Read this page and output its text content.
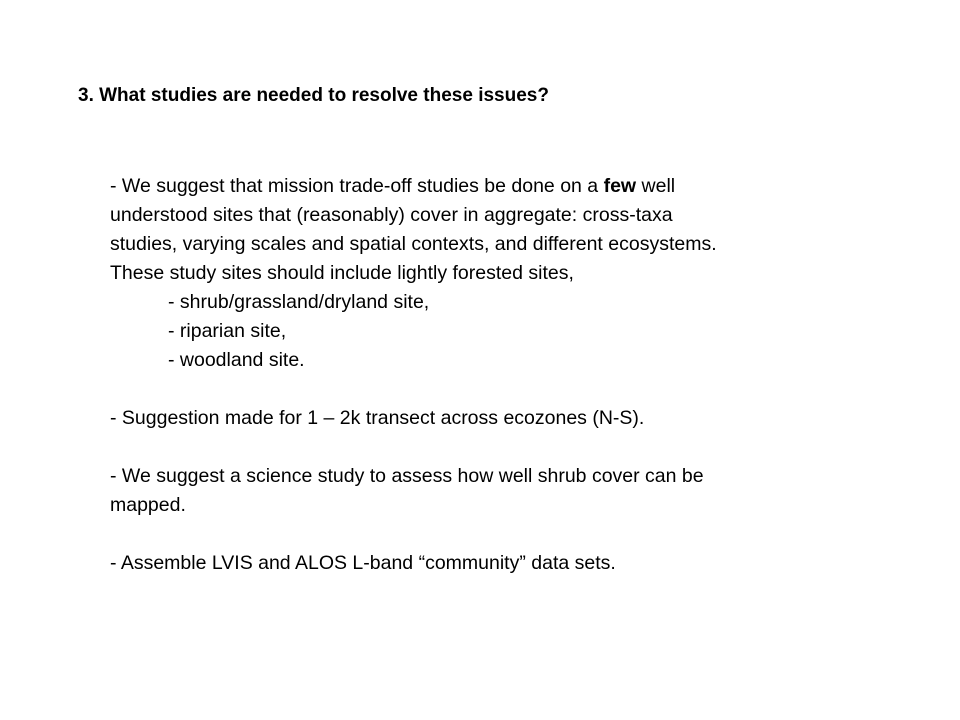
3. What studies are needed to resolve these issues?

- We suggest that mission trade-off studies be done on a few well

understood sites that (reasonably) cover in aggregate: cross-taxa

studies, varying scales and spatial contexts, and different ecosystems.

These study sites should include lightly forested sites,

- shrub/grassland/dryland site,

- riparian site,

- woodland site.

- Suggestion made for 1 – 2k transect across ecozones (N-S).

- We suggest a science study to assess how well shrub cover can be

mapped.

- Assemble LVIS and ALOS L-band “community” data sets.
